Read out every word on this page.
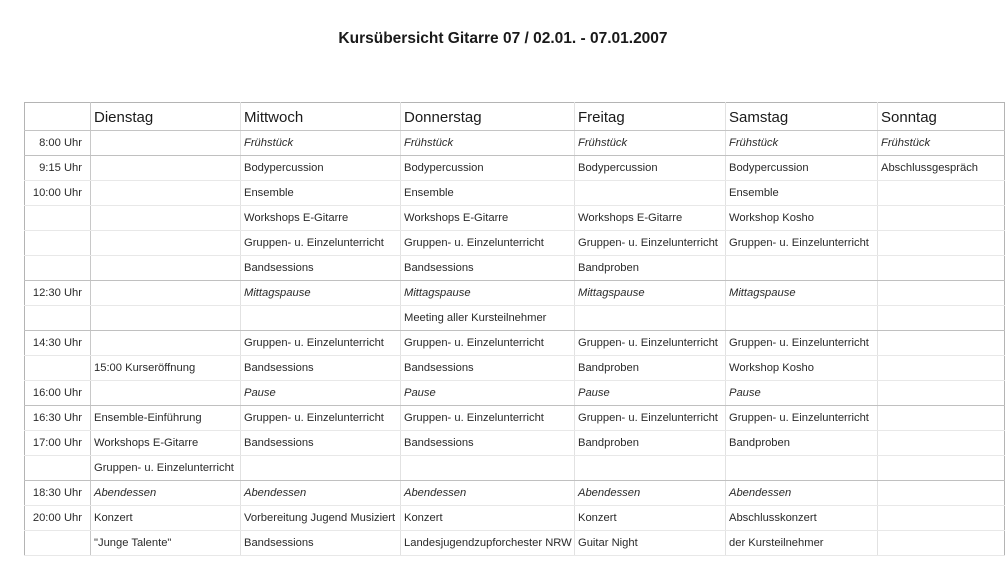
Kursübersicht Gitarre 07 / 02.01. - 07.01.2007
	Dienstag	Mittwoch	Donnerstag	Freitag	Samstag	Sonntag
8:00 Uhr		Frühstück	Frühstück	Frühstück	Frühstück	Frühstück
9:15 Uhr		Bodypercussion	Bodypercussion	Bodypercussion	Bodypercussion	Abschlussgespräch
10:00 Uhr		Ensemble	Ensemble		Ensemble	
		Workshops E-Gitarre	Workshops E-Gitarre	Workshops E-Gitarre	Workshop Kosho	
		Gruppen- u. Einzelunterricht	Gruppen- u. Einzelunterricht	Gruppen- u. Einzelunterricht	Gruppen- u. Einzelunterricht	
		Bandsessions	Bandsessions	Bandproben		
12:30 Uhr		Mittagspause	Mittagspause	Mittagspause	Mittagspause	
			Meeting aller Kursteilnehmer			
14:30 Uhr		Gruppen- u. Einzelunterricht	Gruppen- u. Einzelunterricht	Gruppen- u. Einzelunterricht	Gruppen- u. Einzelunterricht	
	15:00 Kurseröffnung	Bandsessions	Bandsessions	Bandproben	Workshop Kosho	
16:00 Uhr		Pause	Pause	Pause	Pause	
16:30 Uhr	Ensemble-Einführung	Gruppen- u. Einzelunterricht	Gruppen- u. Einzelunterricht	Gruppen- u. Einzelunterricht	Gruppen- u. Einzelunterricht	
17:00 Uhr	Workshops E-Gitarre	Bandsessions	Bandsessions	Bandproben	Bandproben	
	Gruppen- u. Einzelunterricht					
18:30 Uhr	Abendessen	Abendessen	Abendessen	Abendessen	Abendessen	
20:00 Uhr	Konzert	Vorbereitung Jugend Musiziert	Konzert	Konzert	Abschlusskonzert	
	"Junge Talente"	Bandsessions	Landesjugendzupforchester NRW	Guitar Night	der Kursteilnehmer	
